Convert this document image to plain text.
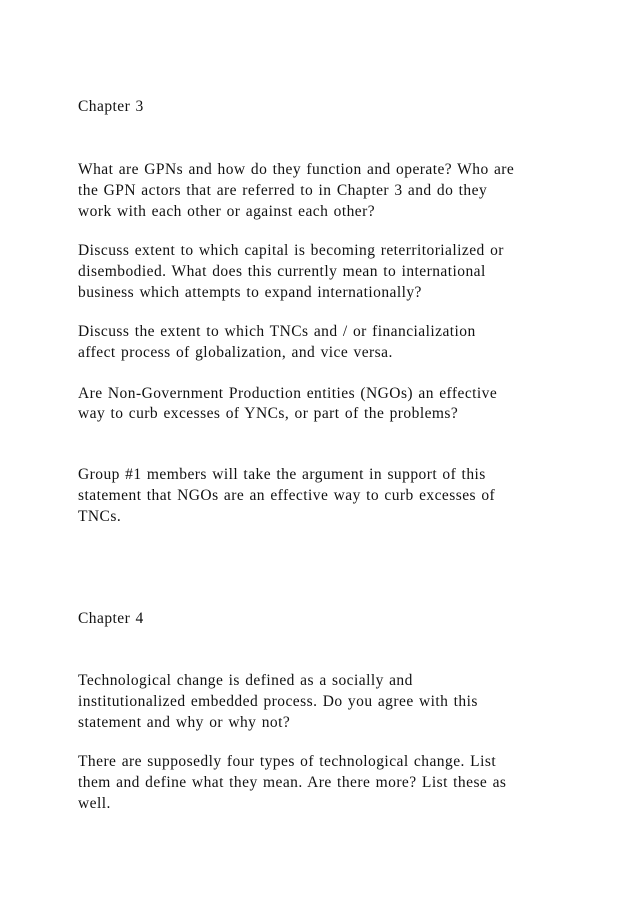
Chapter 3
What are GPNs and how do they function and operate? Who are
the GPN actors that are referred to in Chapter 3 and do they
work with each other or against each other?
Discuss extent to which capital is becoming reterritorialized or
disembodied. What does this currently mean to international
business which attempts to expand internationally?
Discuss the extent to which TNCs and / or financialization
affect process of globalization, and vice versa.
Are Non-Government Production entities (NGOs) an effective
way to curb excesses of YNCs, or part of the problems?
Group #1 members will take the argument in support of this
statement that NGOs are an effective way to curb excesses of
TNCs.
Chapter 4
Technological change is defined as a socially and
institutionalized embedded process. Do you agree with this
statement and why or why not?
There are supposedly four types of technological change. List
them and define what they mean. Are there more? List these as
well.
